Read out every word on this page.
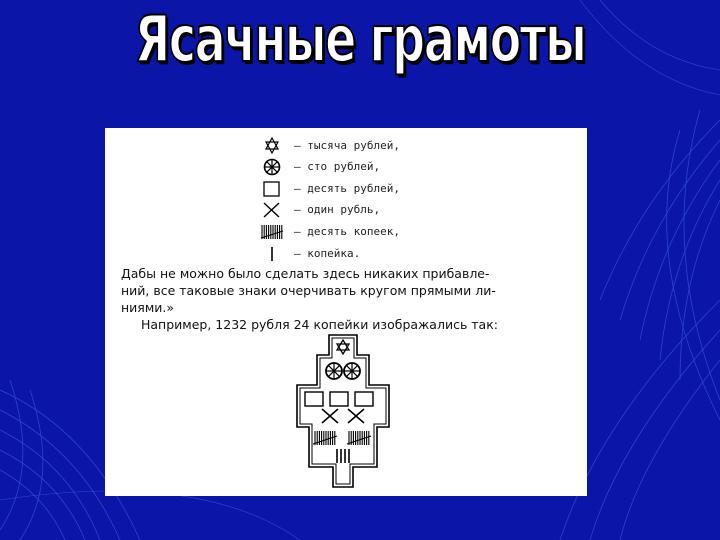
Ясачные грамоты
— тысяча рублей,
— сто рублей,
— десять рублей,
— один рубль,
— десять копеек,
— копейка.
Дабы не можно было сделать здесь никаких прибавле-
ний, все таковые знаки очерчивать кругом прямыми ли-
ниями.»
Например, 1232 рубля 24 копейки изображались так:
